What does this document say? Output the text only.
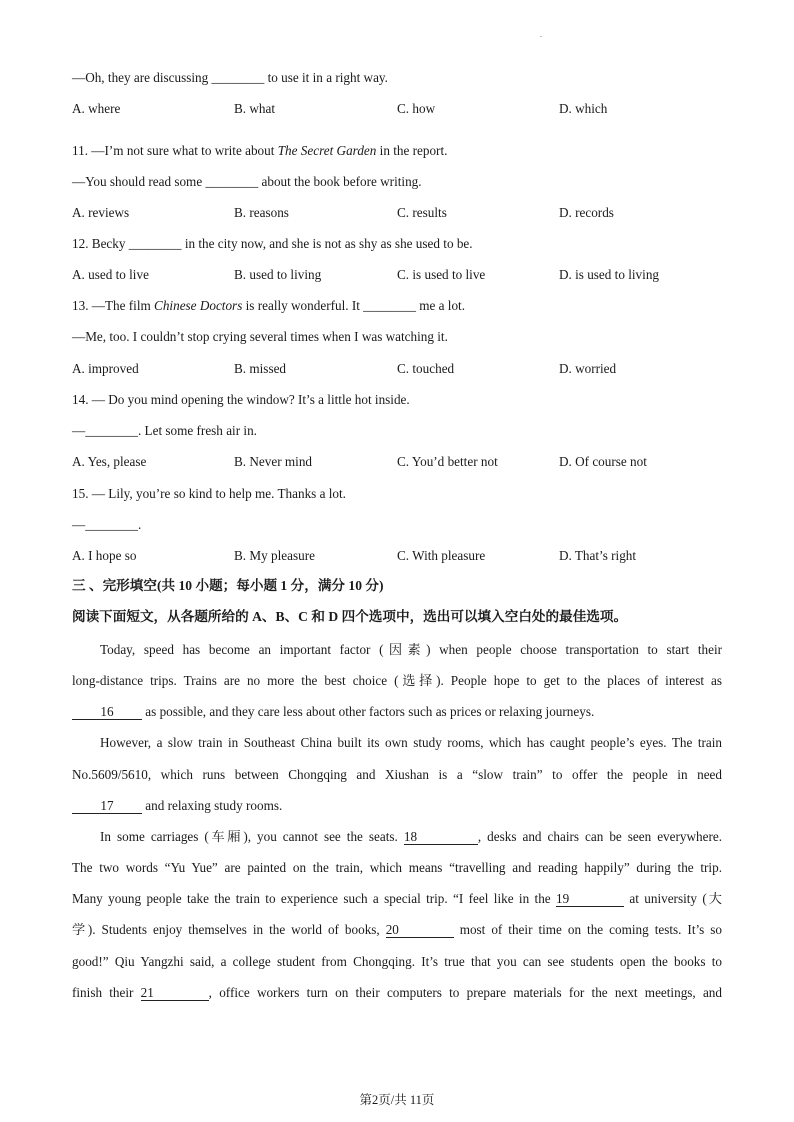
.
—Oh, they are discussing ________ to use it in a right way.
A. where	B. what	C. how	D. which
11. —I’m not sure what to write about The Secret Garden in the report.
—You should read some ________ about the book before writing.
A. reviews	B. reasons	C. results	D. records
12. Becky ________ in the city now, and she is not as shy as she used to be.
A. used to live	B. used to living	C. is used to live	D. is used to living
13. —The film Chinese Doctors is really wonderful. It ________ me a lot.
—Me, too. I couldn’t stop crying several times when I was watching it.
A. improved	B. missed	C. touched	D. worried
14. — Do you mind opening the window? It’s a little hot inside.
—________. Let some fresh air in.
A. Yes, please	B. Never mind	C. You’d better not	D. Of course not
15. — Lily, you’re so kind to help me. Thanks a lot.
—________.
A. I hope so	B. My pleasure	C. With pleasure	D. That’s right
三 、完形填空(共 10 小题；每小题 1 分，满分 10 分)
阅读下面短文，从各题所给的 A、B、C 和 D 四个选项中，选出可以填入空白处的最佳选项。
Today, speed has become an important factor (因素) when people choose transportation to start their
long-distance trips. Trains are no more the best choice (选择). People hope to get to the places of interest as
16 as possible, and they care less about other factors such as prices or relaxing journeys.
However, a slow train in Southeast China built its own study rooms, which has caught people’s eyes. The train
No.5609/5610, which runs between Chongqing and Xiushan is a “slow train” to offer the people in need
17 and relaxing study rooms.
In some carriages (车厢), you cannot see the seats. 18	, desks and chairs can be seen everywhere.
The two words “Yu Yue” are painted on the train, which means “travelling and reading happily” during the trip.
Many young people take the train to experience such a special trip. “I feel like in the 19	at university (大
学). Students enjoy themselves in the world of books, 20	most of their time on the coming tests. It’s so
good!” Qiu Yangzhi said, a college student from Chongqing. It’s true that you can see students open the books to
finish their 21	, office workers turn on their computers to prepare materials for the next meetings, and
第2页/共 11页
